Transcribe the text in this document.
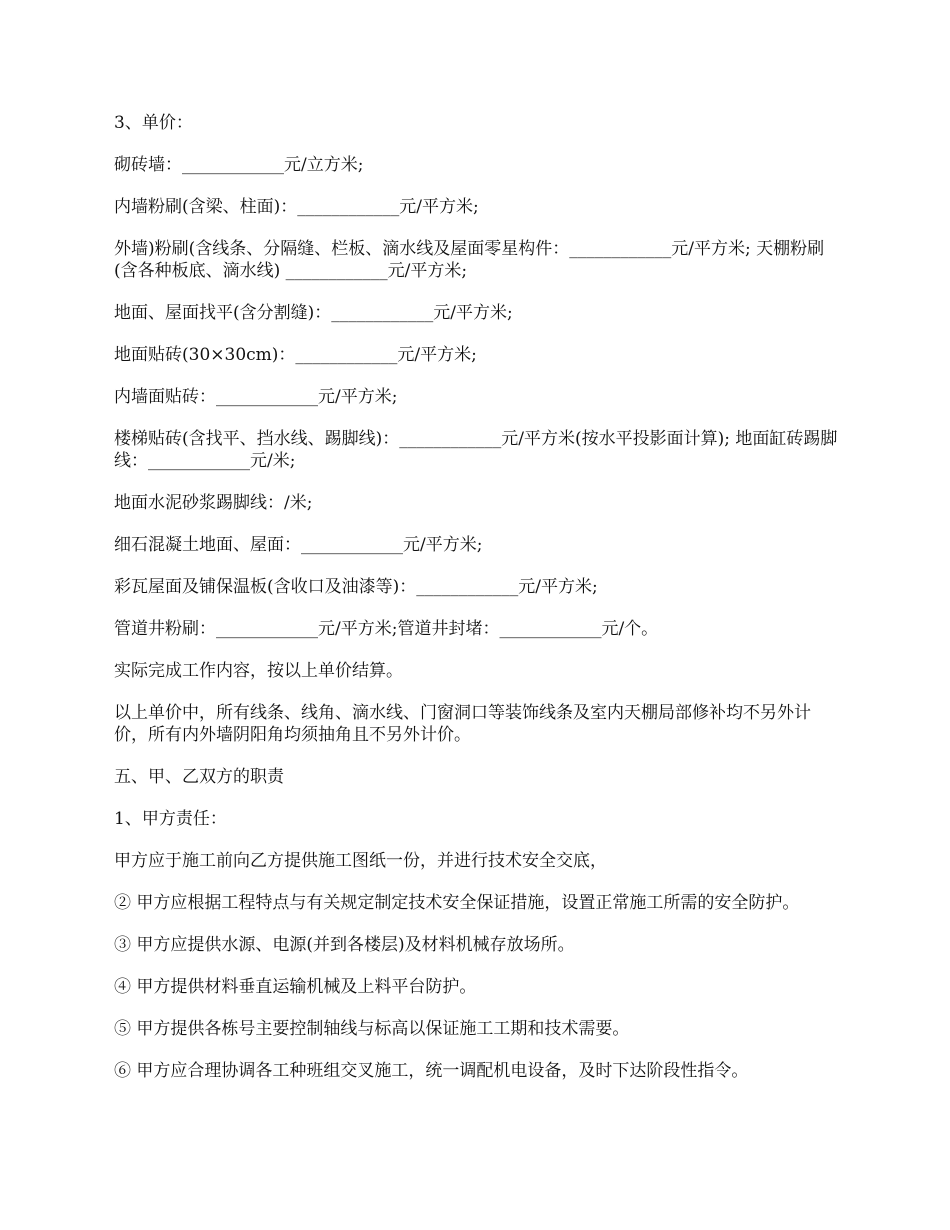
3、单价：

砌砖墙：____________元/立方米;

内墙粉刷(含梁、柱面)：____________元/平方米;

外墙)粉刷(含线条、分隔缝、栏板、滴水线及屋面零星构件：____________元/平方米; 天棚粉刷(含各种板底、滴水线) ____________元/平方米;

地面、屋面找平(含分割缝)：____________元/平方米;

地面贴砖(30×30cm)：____________元/平方米;

内墙面贴砖：____________元/平方米;

楼梯贴砖(含找平、挡水线、踢脚线)：____________元/平方米(按水平投影面计算); 地面缸砖踢脚线：____________元/米;

地面水泥砂浆踢脚线：/米;

细石混凝土地面、屋面：____________元/平方米;

彩瓦屋面及铺保温板(含收口及油漆等)：____________元/平方米;

管道井粉刷：____________元/平方米;管道井封堵：____________元/个。

实际完成工作内容，按以上单价结算。

以上单价中，所有线条、线角、滴水线、门窗洞口等装饰线条及室内天棚局部修补均不另外计价，所有内外墙阴阳角均须抽角且不另外计价。

五、甲、乙双方的职责

1、甲方责任：

甲方应于施工前向乙方提供施工图纸一份，并进行技术安全交底，

② 甲方应根据工程特点与有关规定制定技术安全保证措施，设置正常施工所需的安全防护。

③ 甲方应提供水源、电源(并到各楼层)及材料机械存放场所。

④ 甲方提供材料垂直运输机械及上料平台防护。

⑤ 甲方提供各栋号主要控制轴线与标高以保证施工工期和技术需要。

⑥ 甲方应合理协调各工种班组交叉施工，统一调配机电设备，及时下达阶段性指令。
